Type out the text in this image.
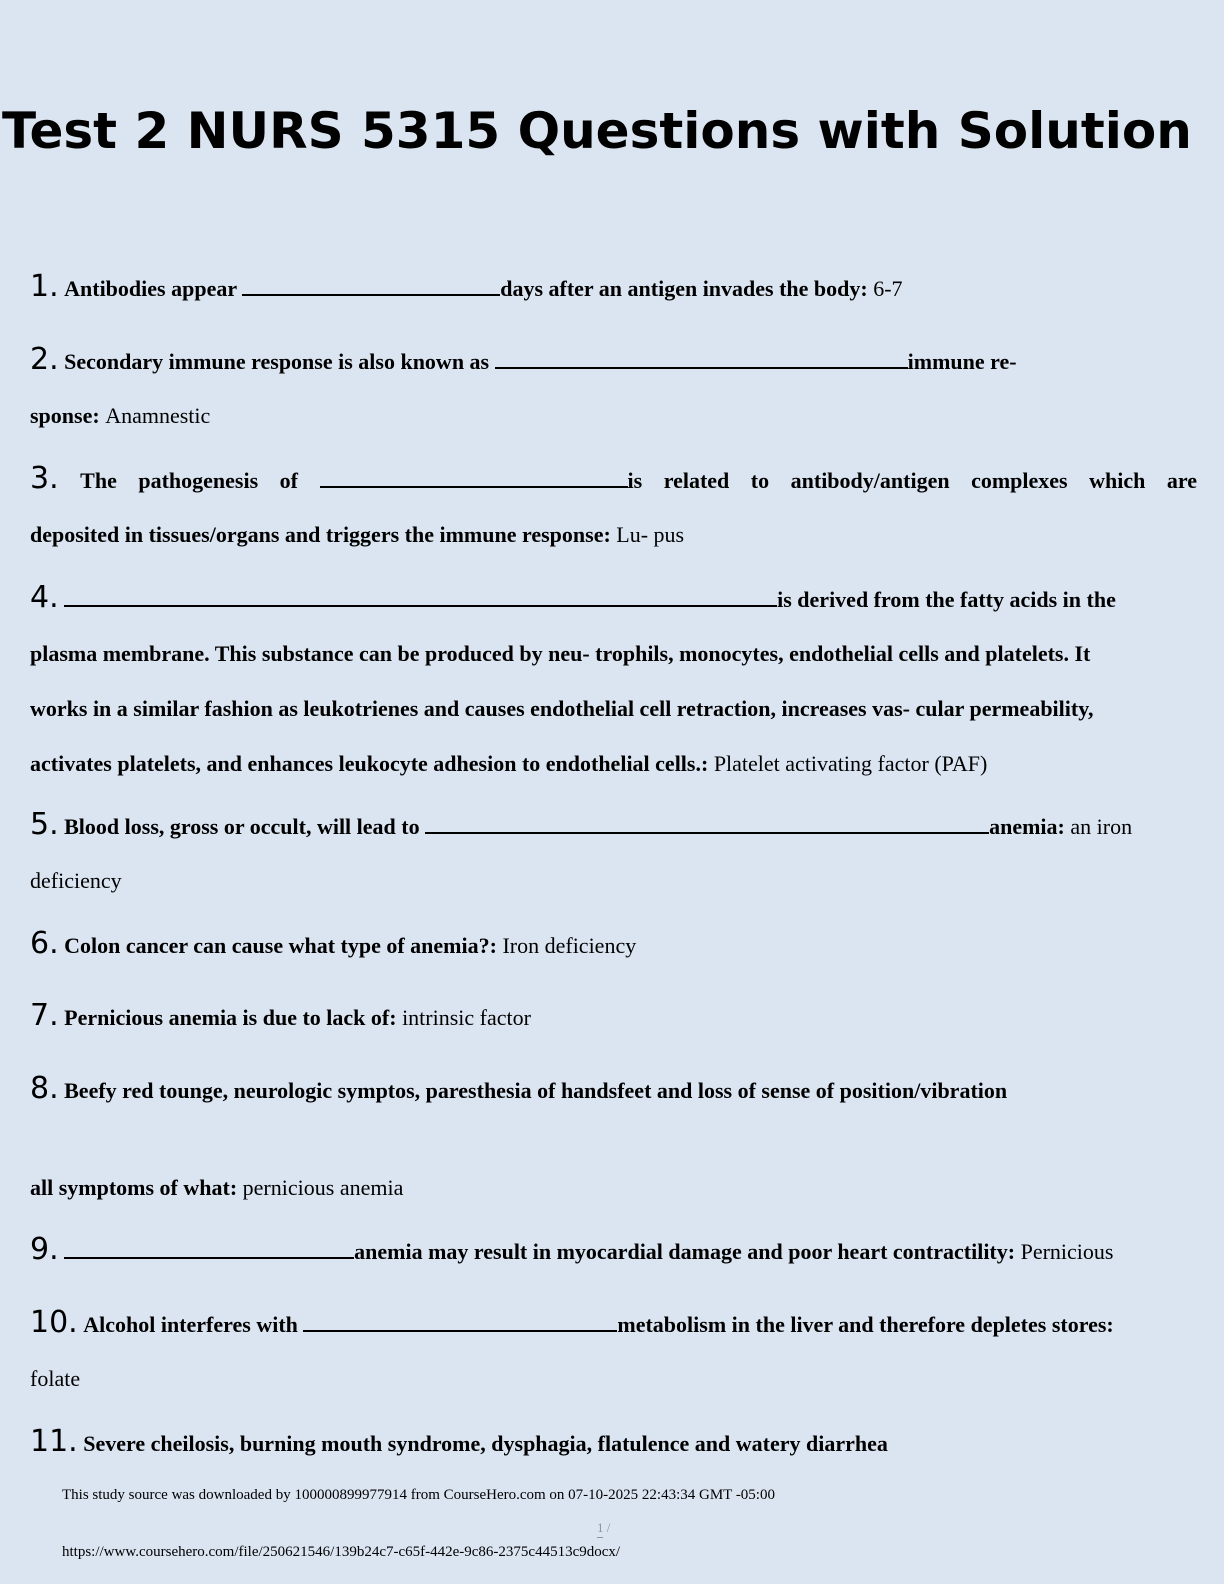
Test 2 NURS 5315 Questions with Solution
1. Antibodies appear	days after an antigen invades the body: 6-7
2. Secondary immune response is also known as	immune re-
sponse: Anamnestic
3. The pathogenesis of	is related to antibody/antigen complexes which are
deposited in tissues/organs and triggers the immune response: Lu- pus
4.	is derived from the fatty acids in the
plasma membrane. This substance can be produced by neu- trophils, monocytes, endothelial cells and platelets. It
works in a similar fashion as leukotrienes and causes endothelial cell retraction, increases vas- cular permeability,
activates platelets, and enhances leukocyte adhesion to endothelial cells.: Platelet activating factor (PAF)
5. Blood loss, gross or occult, will lead to	anemia: an iron
deficiency
6. Colon cancer can cause what type of anemia?: Iron deficiency
7. Pernicious anemia is due to lack of: intrinsic factor
8. Beefy red tounge, neurologic symptos, paresthesia of handsfeet and loss of sense of position/vibration
all symptoms of what: pernicious anemia
9.	anemia may result in myocardial damage and poor heart contractility: Pernicious
10. Alcohol interferes with	metabolism in the liver and therefore depletes stores:
folate
11. Severe cheilosis, burning mouth syndrome, dysphagia, flatulence and watery diarrhea
This study source was downloaded by 100000899977914 from CourseHero.com on 07-10-2025 22:43:34 GMT -05:00
1 /
https://www.coursehero.com/file/250621546/139b24c7-c65f-442e-9c86-2375c44513c9docx/
